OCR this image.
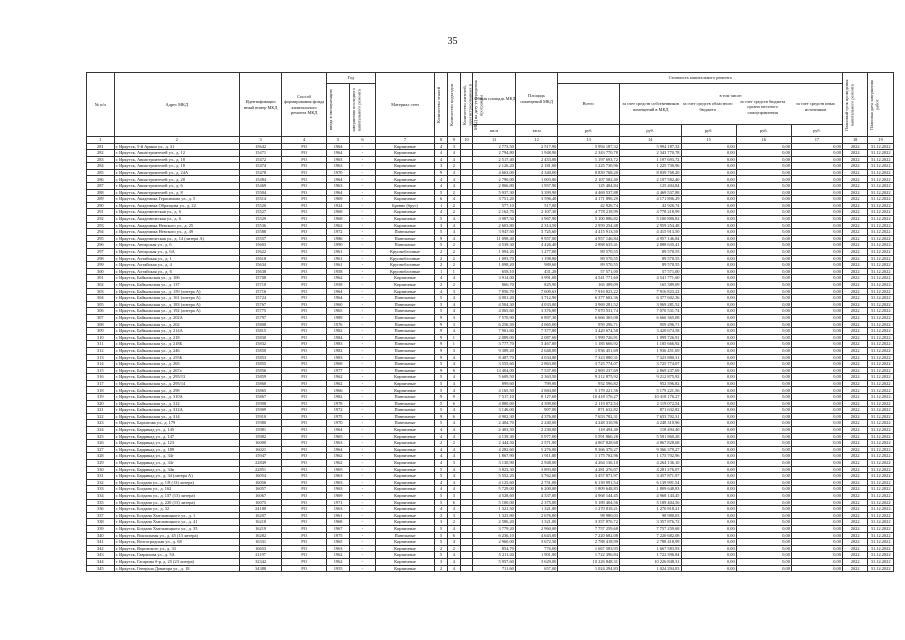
35
№ п/п	Адрес МКД	Идентификацио нный номер МКД	Способ формирования фонда капитального ремонта МКД	Год	Материал стен	Количество этажей	Количество подъездов	Количество жителей, зарегистрированных в МКД на дату утверждения программы
	Общая площадь МКД	Площадь помещений МКД	Стоимость капитального ремонта	
Плановый срок проведения капитального ремонта	Плановая дата завершения работ

ввода в эксплуатацию	завершения последнего капитального ремонта	Всего:	
в том числе:
за счет средств собственников помещений в МКД	за счет средств областного бюджета	за счет средств бюджета органа местного самоуправления	за счет средств иных источников

кв.м	кв.м	руб.	руб.	руб.	руб.	руб.
1	2	3	4	5	6	7	8	9	10	11	12	13	14	15	16	17	18	19
281	г. Иркутск, 5-й Армии ул., д. 31	15642	РО	1964	-	Кирпичные	4	3		2 773,50	2 517,90	5 994 187,32	5 994 187,32	0,00	0,00	0,00	2022	31.12.2022
282	г. Иркутск, Авиастроителей ул., д. 12	15471	РО	1964	-	Кирпичные	4	4		2 794,80	1 948,90	2 343 770,78	2 343 770,78	0,00	0,00	0,00	2022	31.12.2022
283	г. Иркутск, Авиастроителей ул., д. 18	15472	РО	1963	-	Кирпичные	4	4		2 517,40	2 453,00	1 197 693,72	1 197 693,72	0,00	0,00	0,00	2022	31.12.2022
284	г. Иркутск, Авиастроителей ул., д. 18	15474	РО	1963	-	Кирпичные	3	2		2 126,20	2 181,00	1 225 730,96	1 225 730,96	0,00	0,00	0,00	2022	31.12.2022
285	г. Иркутск, Авиастроителей ул., д. 24А	15478	РО	1970	-	Кирпичные	9	4		4 663,00	4 340,00	8 839 768,20	8 839 768,20	0,00	0,00	0,00	2022	31.12.2022
286	г. Иркутск, Авиастроителей ул., д. 28	15484	РО	1964	-	Кирпичные	4	4		2 790,00	1 003,00	2 107 582,40	2 107 582,40	0,00	0,00	0,00	2022	31.12.2022
287	г. Иркутск, Авиастроителей ул., д. 6	15469	РО	1963	-	Кирпичные	4	4		2 866,80	1 957,90	125 404,84	125 404,84	0,00	0,00	0,00	2022	31.12.2022
288	г. Иркутск, Авиастроителей ул., д. 8	15504	РО	1964	-	Кирпичные	5	2		5 937,30	3 399,90	4 469 537,88	4 469 537,88	0,00	0,00	0,00	2022	31.12.2022
289	г. Иркутск, Академика Герасимова ул., д. 5	15514	РО	1969	-	Кирпичные	6	4		3 751,20	3 596,40	4 171 896,29	4 171 896,29	0,00	0,00	0,00	2022	31.12.2022
290	г. Иркутск, Академика Образцова ул., д. 22	15520	РО	1924	-	Бревно (брус)	1	2		577,10	517,00	42 926,74	42 926,74	0,00	0,00	0,00	2022	31.12.2022
291	г. Иркутск, Академическая ул., д. 6	15527	РО	1968	-	Кирпичные	4	2		2 162,70	2 107,30	4 778 218,99	4 778 218,99	0,00	0,00	0,00	2022	31.12.2022
292	г. Иркутск, Академическая ул., д. 6	15529	РО	1968	-	Кирпичные	5	4		3 987,50	3 967,90	5 100 886,82	5 100 886,82	0,00	0,00	0,00	2022	31.12.2022
293	г. Иркутск, Академика Невского ул., д. 25	15536	РО	1962	-	Кирпичные	3	4		2 603,80	2 314,50	2 959 254,48	2 959 254,48	0,00	0,00	0,00	2022	31.12.2022
294	г. Иркутск, Академика Невского ул., д. 49	15588	РО	1972	-	Панельные	5	4		3 947,50	3 725,60	4 415 913,50	4 415 913,50	0,00	0,00	0,00	2022	31.12.2022
295	г. Иркутск, Академическая ул., д. 14 (литера А)	15557	РО	1986	-	Панельные	9	4		11 098,40	9 957,00	4 957 146,84	4 957 146,84	0,00	0,00	0,00	2022	31.12.2022
296	г. Иркутск, Ангарская ул., д. 6	15603	РО	1990	-	Панельные	5	2		4 539,30	4 426,40	2 888 635,41	2 888 635,41	0,00	0,00	0,00	2022	31.12.2022
297	г. Иркутск, Ангарская ул., д. 6А	15622	РО	1961	-	Крупноблочные	2	2		1 094,20	1 277,00	89 570,55	89 570,55	0,00	0,00	0,00	2022	31.12.2022
298	г. Иркутск, Алтайская ул., д. 1	15618	РО	1961	-	Крупноблочные	2	2		1 093,70	1 198,80	89 570,55	89 570,55	0,00	0,00	0,00	2022	31.12.2022
299	г. Иркутск, Алтайская ул., д. 4	15634	РО	1961	-	Крупноблочные	2	2		1 098,20	989,60	89 570,55	89 570,55	0,00	0,00	0,00	2022	31.12.2022
300	г. Иркутск, Алтайская ул., д. 6	15638	РО	1958	-	Крупноблочные	1	1		658,10	431,20	57 571,00	57 571,00	0,00	0,00	0,00	2022	31.12.2022
301	г. Иркутск, Байкальская ул., д. 106	15708	РО	1962	-	Кирпичные	4	4		3 914,00	3 991,00	4 541 771,60	4 541 771,60	0,00	0,00	0,00	2022	31.12.2022
302	г. Иркутск, Байкальская ул., д. 137	15710	РО	1958	-	Кирпичные	2	2		866,70	825,90	165 389,09	165 389,09	0,00	0,00	0,00	2022	31.12.2022
303	г. Иркутск, Байкальская ул., д. 159 (литера А)	15716	РО	1964	-	Кирпичные	4	3		7 856,70	7 609,63	7 916 823,22	7 916 823,22	0,00	0,00	0,00	2022	31.12.2022
304	г. Иркутск, Байкальская ул., д. 161 (литера А)	15724	РО	1964	-	Панельные	5	4		4 001,20	3 712,90	6 377 602,36	6 377 602,36	0,00	0,00	0,00	2022	31.12.2022
305	г. Иркутск, Байкальская ул., д. 183 (литера А)	15767	РО	1960	-	Панельные	5	4		4 504,30	4 033,00	3 969 281,52	3 969 281,52	0,00	0,00	0,00	2022	31.12.2022
306	г. Иркутск, Байкальская ул., д. 192 (литера А)	15775	РО	1965	-	Панельные	5	4		4 065,60	3 376,80	7 070 531,74	7 070 531,74	0,00	0,00	0,00	2022	31.12.2022
307	г. Иркутск, Байкальская ул., д. 202А	15797	РО	1989	-	Панельные	9	3		7 570,90	6 897,30	6 666 365,08	6 666 365,08	0,00	0,00	0,00	2022	31.12.2022
308	г. Иркутск, Байкальская ул., д. 202	15808	РО	1976	-	Панельные	9	3		6 256,50	4 065,00	959 296,71	959 296,71	0,00	0,00	0,00	2022	31.12.2022
309	г. Иркутск, Байкальская ул., д. 214А	15815	РО	1982	-	Панельные	9	4		7 961,60	7 377,80	3 420 674,58	3 420 674,58	0,00	0,00	0,00	2022	31.12.2022
310	г. Иркутск, Байкальская ул., д. 218	15830	РО	1984	-	Панельные	9	1		2 089,00	2 087,60	1 999 726,91	1 999 726,91	0,00	0,00	0,00	2022	31.12.2022
311	г. Иркутск, Байкальская ул., д. 218Б	15832	РО	1983	-	Панельные	9	1		3 777,70	3 467,00	1 185 666,92	1 185 666,92	0,00	0,00	0,00	2022	31.12.2022
312	г. Иркутск, Байкальская ул., д. 246	15850	РО	1982	-	Панельные	9	3		9 389,20	2 648,00	1 936 451,69	1 936 451,69	0,00	0,00	0,00	2022	31.12.2022
313	г. Иркутск, Байкальская ул., д. 255Б	15853	РО	1983	-	Панельные	9	4		8 487,70	4 034,80	7 323 880,31	7 323 880,31	0,00	0,00	0,00	2022	31.12.2022
314	г. Иркутск, Байкальская ул., д. 265	15855	РО	1968	-	Панельные	5	4		3 555,60	2 863,00	3 725 774,07	3 725 774,07	0,00	0,00	0,00	2022	31.12.2022
315	г. Иркутск, Байкальская ул., д. 267а	15856	РО	1977	-	Панельные	9	6		13 404,00	7 537,00	2 869 237,69	2 869 237,69	0,00	0,00	0,00	2022	31.12.2022
316	г. Иркутск, Байкальская ул., д. 295/13	15859	РО	1962	-	Кирпичные	5	4		5 609,50	2 363,50	9 212 875,92	9 212 875,92	0,00	0,00	0,00	2022	31.12.2022
317	г. Иркутск, Байкальская ул., д. 295/14	15860	РО	1962	-	Кирпичные	5	4		899,60	799,00	952 596,82	952 596,82	0,00	0,00	0,00	2022	31.12.2022
318	г. Иркутск, Байкальская ул., д. 298	15865	РО	1966	-	Кирпичные	5	4		4 165,50	2 684,00	5 179 221,56	5 179 221,56	0,00	0,00	0,00	2022	31.12.2022
319	г. Иркутск, Байкальская ул., д. 310А	15867	РО	1982	-	Панельные	9	9		7 517,10	8 127,60	10 418 176,27	10 418 176,27	0,00	0,00	0,00	2022	31.12.2022
320	г. Иркутск, Байкальская ул., д. 312	15908	РО	1978	-	Панельные	5	6		4 880,00	4 399,00	2 119 072,54	2 119 072,54	0,00	0,00	0,00	2022	31.12.2022
321	г. Иркутск, Байкальская ул., д. 312А	15909	РО	1972	-	Панельные	5	4		3 146,00	907,00	871 632,82	871 632,82	0,00	0,00	0,00	2022	31.12.2022
322	г. Иркутск, Байкальская ул., д. 314	15910	РО	1975	-	Панельные	9	6		4 902,30	4 376,00	7 653 702,31	7 653 702,31	0,00	0,00	0,00	2022	31.12.2022
323	г. Иркутск, Бархатова ул., д. 179	15980	РО	1970	-	Панельные	5	4		2 404,70	2 240,00	4 248 310,96	4 248 310,96	0,00	0,00	0,00	2022	31.12.2022
324	г. Иркутск, Баррикад ул., д. 145	15981	РО	1964	-	Кирпичные	4	4		2 403,50	2 230,00	118 494,40	118 494,40	0,00	0,00	0,00	2022	31.12.2022
325	г. Иркутск, Баррикад ул., д. 147	15982	РО	1965	-	Кирпичные	4	4		4 139,30	5 977,00	5 591 860,28	5 591 860,28	0,00	0,00	0,00	2022	31.12.2022
326	г. Иркутск, Баррикад ул., д. 123	16000	РО	1963	-	Кирпичные	2	2		2 444,50	2 571,00	4 867 828,68	4 867 828,68	0,00	0,00	0,00	2022	31.12.2022
327	г. Иркутск, Баррикад ул., д. 189	16021	РО	1964	-	Кирпичные	4	4		4 282,60	5 276,00	9 366 379,27	9 366 379,27	0,00	0,00	0,00	2022	31.12.2022
328	г. Иркутск, Баррикад ул., д. 34г	15947	РО	1962	-	Кирпичные	4	4		1 867,90	1 911,80	1 175 702,96	1 175 702,96	0,00	0,00	0,00	2022	31.12.2022
329	г. Иркутск, Баррикад ул., д. 34г	22849	РО	1962	-	Кирпичные	4	3		3 130,90	2 948,00	4 264 136,10	4 264 136,10	0,00	0,00	0,00	2022	31.12.2022
330	г. Иркутск, Баррикад ул., д. 34в	22851	РО	1965	-	Кирпичные	5	4		3 823,30	3 893,00	4 281 276,07	4 281 276,07	0,00	0,00	0,00	2022	31.12.2022
331	г. Иркутск, Баррикад ул., д. 34 (литера А)	16054	РО	1963	-	Кирпичные	5	4		5 552,20	3 762,60	3 457 871,97	3 457 871,97	0,00	0,00	0,00	2022	31.12.2022
332	г. Иркутск, Богдана ул., д. 1/8 (13) литера)	16056	РО	1963	-	Кирпичные	4	4		4 125,60	2 751,00	6 139 991,54	6 139 991,54	0,00	0,00	0,00	2022	31.12.2022
333	г. Иркутск, Богдана ул., д. 162	16057	РО	1963	-	Кирпичные	4	4		5 729,00	6 200,00	1 809 648,83	1 809 648,83	0,00	0,00	0,00	2022	31.12.2022
334	г. Иркутск, Богдана ул., д. 157 (13) литера)	16067	РО	1969	-	Кирпичные	5	3		4 528,60	4 337,00	4 968 144,45	4 968 144,45	0,00	0,00	0,00	2022	31.12.2022
335	г. Иркутск, Богдана ул., д. 220 (13) литера)	16075	РО	1971	-	Кирпичные	5	6		5 100,00	2 375,00	5 189 404,56	5 189 404,56	0,00	0,00	0,00	2022	31.12.2022
336	г. Иркутск, Богдана ул., д. 32	24180	РО	1963	-	Кирпичные	4	4		1 321,50	1 321,00	1 270 818,21	1 270 818,21	0,00	0,00	0,00	2022	31.12.2022
337	г. Иркутск, Богдана Хмельницкого ул., д. 1	16207	РО	1961	-	Кирпичные	3	3		1 323,80	2 676,80	98 980,03	98 980,03	0,00	0,00	0,00	2022	31.12.2022
338	г. Иркутск, Богдана Хмельницкого ул., д. 41	16210	РО	1968	-	Кирпичные	3	2		2 586,20	1 321,00	3 357 876,72	3 357 876,72	0,00	0,00	0,00	2022	31.12.2022
339	г. Иркутск, Богдана Хмельницкого ул., д. 35	16219	РО	1967	-	Кирпичные	5	4		3 779,20	2 960,00	7 757 259,68	7 757 259,68	0,00	0,00	0,00	2022	31.12.2022
340	г. Иркутск, Вокзальная ул., д. 45 (13 литера)	16282	РО	1975	-	Панельные	5	6		6 236,10	4 643,00	7 220 682,08	7 220 682,08	0,00	0,00	0,00	2022	31.12.2022
341	г. Иркутск, Волгоградская ул., д. 68	16331	РО	1965	-	Кирпичные	5	4		2 960,00	3 672,50	2 788 418,99	2 788 418,99	0,00	0,00	0,00	2022	31.12.2022
342	г. Иркутск, Воровского ул., д. 33	16653	РО	1963	-	Кирпичные	2	2		854,70	776,00	1 667 583,93	1 667 583,93	0,00	0,00	0,00	2022	31.12.2022
343	г. Иркутск, Гаврилова ул., д. 5А	21197	РО	1962	-	Кирпичные	5	4		5 211,20	1 901,00	1 722 396,84	1 722 396,84	0,00	0,00	0,00	2022	31.12.2022
344	г. Иркутск, Гагарина б-р, д. 25 (23 литера)	32342	РО	1962	-	Кирпичные	3	4		5 957,60	3 629,00	10 226 848,31	10 226 848,31	0,00	0,00	0,00	2022	31.12.2022
345	г. Иркутск, Генерала Доватора ул., д. 18	34388	РО	1955	-	Кирпичные	2	4		711,60	657,00	1 024 294,83	1 024 294,83	0,00	0,00	0,00	2022	31.12.2022
